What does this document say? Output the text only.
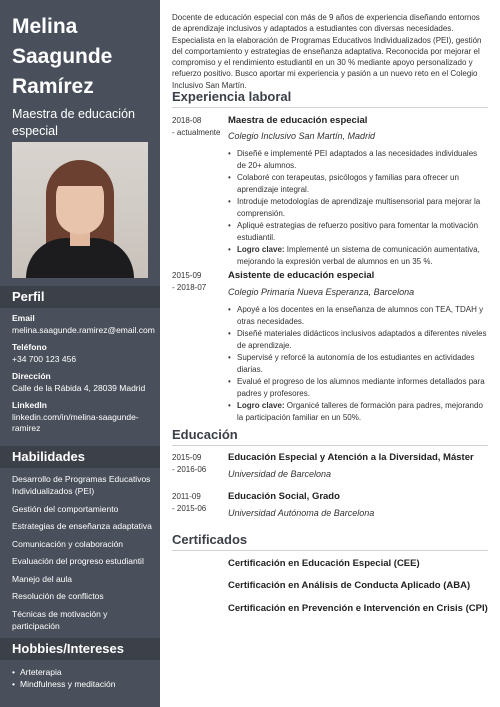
Melina
Saagunde
Ramírez
Maestra de educación especial
Perfil
Email
melina.saagunde.ramirez@email.com
Teléfono
+34 700 123 456
Dirección
Calle de la Rábida 4, 28039 Madrid
LinkedIn
linkedin.com/in/melina-saagunde-ramirez
Habilidades
Desarrollo de Programas Educativos Individualizados (PEI)
Gestión del comportamiento
Estrategias de enseñanza adaptativa
Comunicación y colaboración
Evaluación del progreso estudiantil
Manejo del aula
Resolución de conflictos
Técnicas de motivación y participación
Hobbies/Intereses
• Arteterapia
• Mindfulness y meditación
Docente de educación especial con más de 9 años de experiencia diseñando entornos de aprendizaje inclusivos y adaptados a estudiantes con diversas necesidades. Especialista en la elaboración de Programas Educativos Individualizados (PEI), gestión del comportamiento y estrategias de enseñanza adaptativa. Reconocida por mejorar el compromiso y el rendimiento estudiantil en un 30 % mediante apoyo personalizado y refuerzo positivo. Busco aportar mi experiencia y pasión a un nuevo reto en el Colegio Inclusivo San Martín.
Experiencia laboral
2018-08
- actualmente
Maestra de educación especial
Colegio Inclusivo San Martín, Madrid
• Diseñé e implementé PEI adaptados a las necesidades individuales de 20+ alumnos.
• Colaboré con terapeutas, psicólogos y familias para ofrecer un aprendizaje integral.
• Introduje metodologías de aprendizaje multisensorial para mejorar la comprensión.
• Apliqué estrategias de refuerzo positivo para fomentar la motivación estudiantil.
• Logro clave: Implementé un sistema de comunicación aumentativa, mejorando la expresión verbal de alumnos en un 35 %.
2015-09
- 2018-07
Asistente de educación especial
Colegio Primaria Nueva Esperanza, Barcelona
• Apoyé a los docentes en la enseñanza de alumnos con TEA, TDAH y otras necesidades.
• Diseñé materiales didácticos inclusivos adaptados a diferentes niveles de aprendizaje.
• Supervisé y reforcé la autonomía de los estudiantes en actividades diarias.
• Evalué el progreso de los alumnos mediante informes detallados para padres y profesores.
• Logro clave: Organicé talleres de formación para padres, mejorando la participación familiar en un 50%.
Educación
2015-09
- 2016-06
Educación Especial y Atención a la Diversidad, Máster
Universidad de Barcelona
2011-09
- 2015-06
Educación Social, Grado
Universidad Autónoma de Barcelona
Certificados
Certificación en Educación Especial (CEE)
Certificación en Análisis de Conducta Aplicado (ABA)
Certificación en Prevención e Intervención en Crisis (CPI)
